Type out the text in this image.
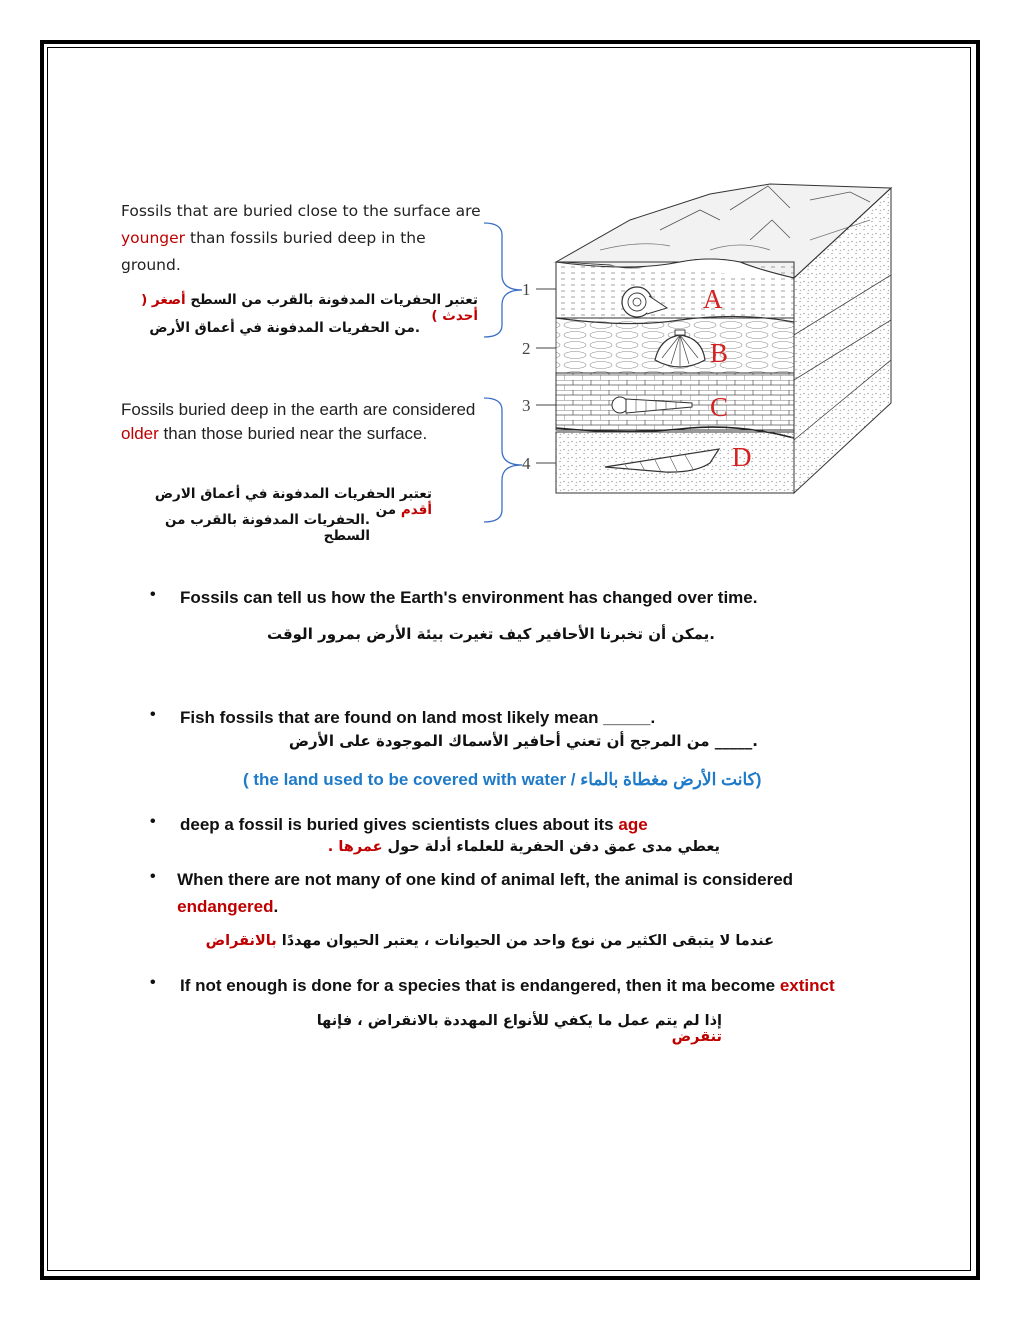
Fossils that are buried close to the surface are younger than fossils buried deep in the ground.
تعتبر الحفريات المدفونة بالقرب من السطح أصغر ( أحدث )
.من الحفريات المدفونة في أعماق الأرض
Fossils buried deep in the earth are considered older than those buried near the surface.
تعتبر الحفريات المدفونة في أعماق الارض أقدم من
.الحفريات المدفونة بالقرب من السطح
1
2
3
4
A
B
C
D
•	Fossils can tell us how the Earth's environment has changed over time.
.يمكن أن تخبرنا الأحافير كيف تغيرت بيئة الأرض بمرور الوقت
•	Fish fossils that are found on land most likely mean _____.
._____ من المرجح أن تعني أحافير الأسماك الموجودة على الأرض
( the land used to be covered with water / كانت الأرض مغطاة بالماء)
•	deep a fossil is buried gives scientists clues about its age
يعطي مدى عمق دفن الحفرية للعلماء أدلة حول عمرها .
•	When there are not many of one kind of animal left, the animal is considered endangered.
عندما لا يتبقى الكثير من نوع واحد من الحيوانات ، يعتبر الحيوان مهددًا بالانقراض
•	If not enough is done for a species that is endangered, then it ma become extinct
إذا لم يتم عمل ما يكفي للأنواع المهددة بالانقراض ، فإنها تنقرض
